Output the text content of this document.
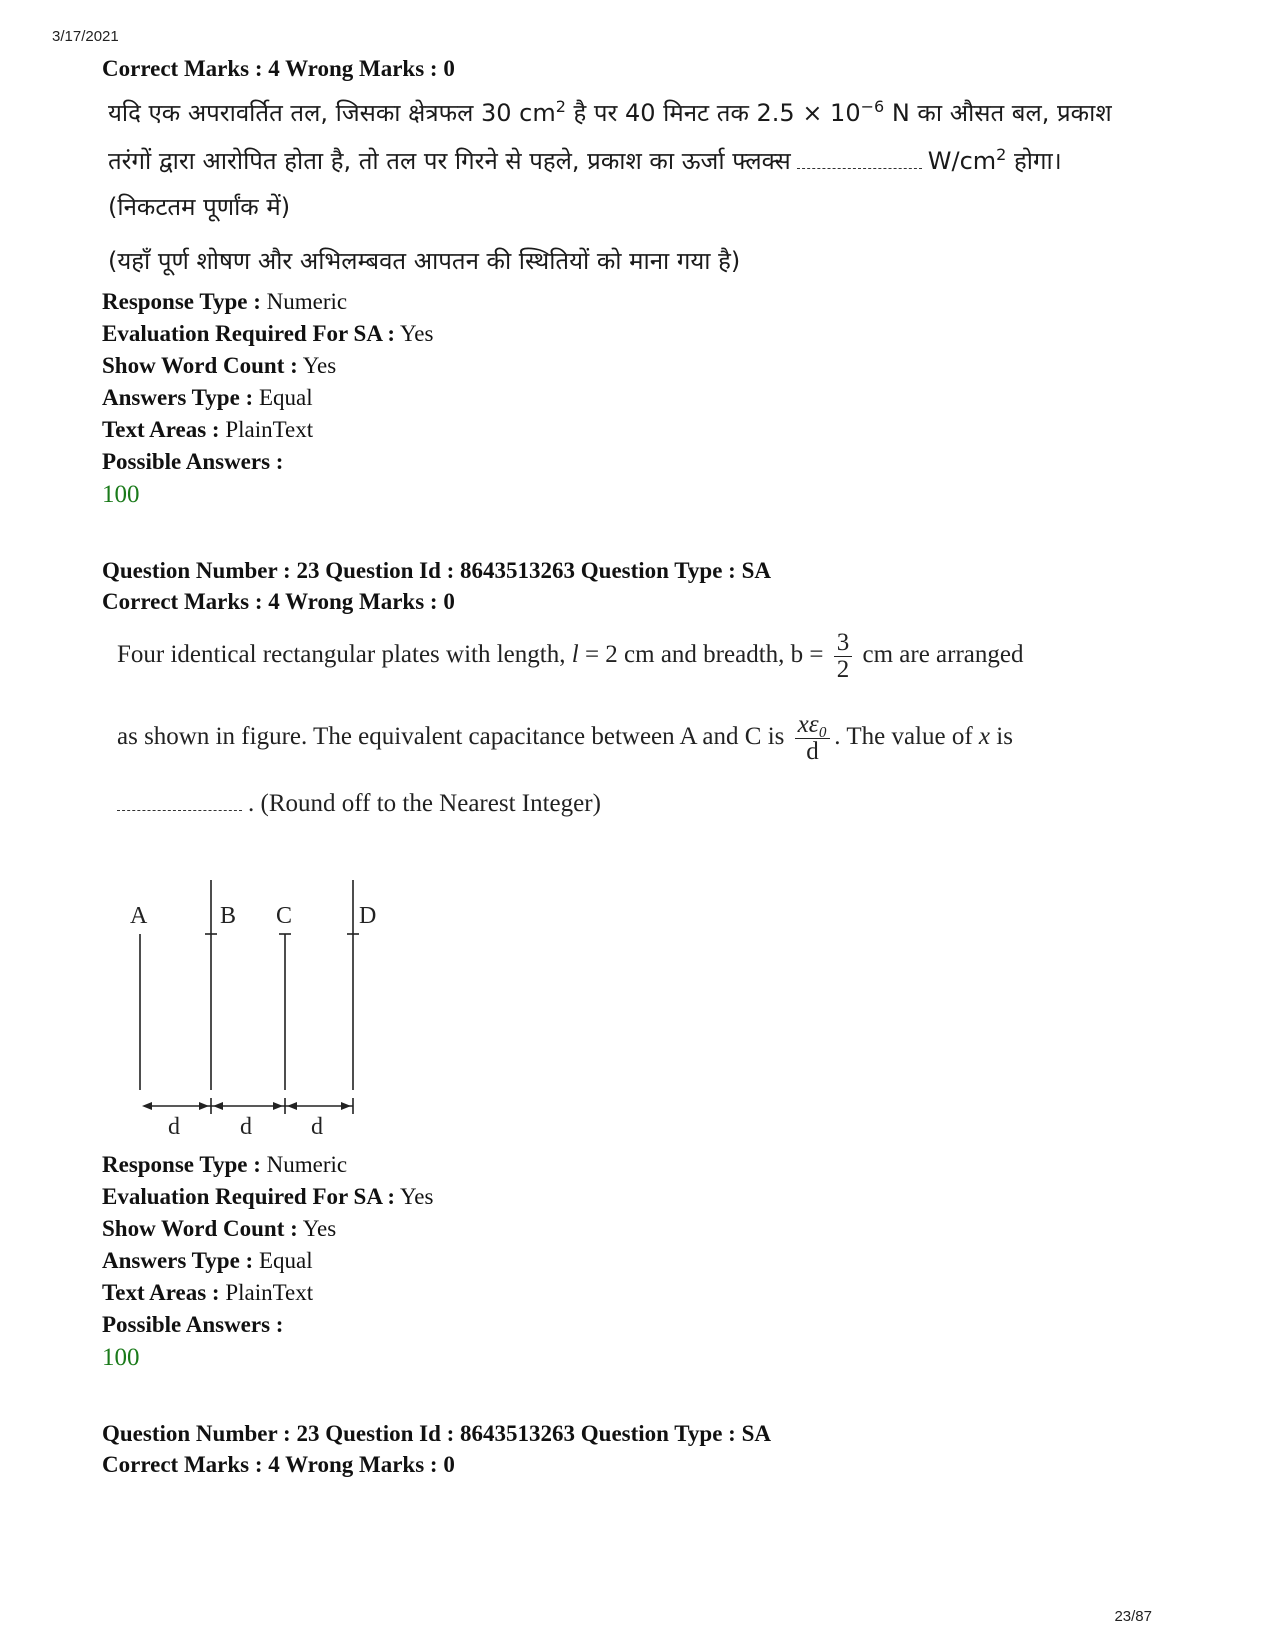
3/17/2021
Correct Marks : 4 Wrong Marks : 0
यदि एक अपरावर्तित तल, जिसका क्षेत्रफल 30 $cm^2$ है पर 40 मिनट तक $2.5 \times 10^{-6}$ N का औसत बल, प्रकाश
तरंगों द्वारा आरोपित होता है, तो तल पर गिरने से पहले, प्रकाश का ऊर्जा फ्लक्स	$W/cm^2$ होगा।
(निकटतम पूर्णांक में)
(यहाँ पूर्ण शोषण और अभिलम्बवत आपतन की स्थितियों को माना गया है)
Response Type : Numeric
Evaluation Required For SA : Yes
Show Word Count : Yes
Answers Type : Equal
Text Areas : PlainText
Possible Answers :
100
Question Number : 23 Question Id : 8643513263 Question Type : SA
Correct Marks : 4 Wrong Marks : 0
Four identical rectangular plates with length, l = 2 cm and breadth, $b = \frac{3}{2}$ cm are arranged
as shown in figure. The equivalent capacitance between A and C is $\frac{\text{xε₀}}{d}$ . The value of x is
. (Round off to the Nearest Integer)
A	B C	D
d	d d
Response Type : Numeric
Evaluation Required For SA : Yes
Show Word Count : Yes
Answers Type : Equal
Text Areas : PlainText
Possible Answers :
100
Question Number : 23 Question Id : 8643513263 Question Type : SA
Correct Marks : 4 Wrong Marks : 0
23/87
